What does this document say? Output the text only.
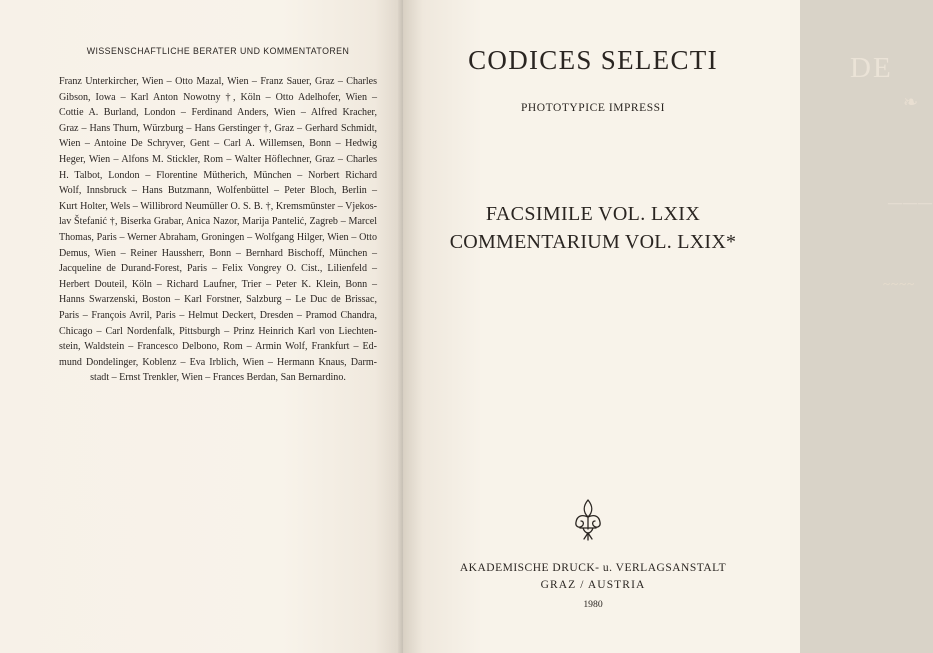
WISSENSCHAFTLICHE BERATER UND KOMMENTATOREN
Franz Unterkircher, Wien – Otto Mazal, Wien – Franz Sauer, Graz – Charles
Gibson, Iowa – Karl Anton Nowotny †, Köln – Otto Adelhofer, Wien –
Cottie A. Burland, London – Ferdinand Anders, Wien – Alfred Kracher,
Graz – Hans Thurn, Würzburg – Hans Gerstinger †, Graz – Gerhard Schmidt,
Wien – Antoine De Schryver, Gent – Carl A. Willemsen, Bonn – Hedwig
Heger, Wien – Alfons M. Stickler, Rom – Walter Höflechner, Graz – Charles
H. Talbot, London – Florentine Mütherich, München – Norbert Richard
Wolf, Innsbruck – Hans Butzmann, Wolfenbüttel – Peter Bloch, Berlin –
Kurt Holter, Wels – Willibrord Neumüller O. S. B. †, Kremsmünster – Vjekos-
lav Štefanić †, Biserka Grabar, Anica Nazor, Marija Pantelić, Zagreb – Marcel
Thomas, Paris – Werner Abraham, Groningen – Wolfgang Hilger, Wien – Otto
Demus, Wien – Reiner Haussherr, Bonn – Bernhard Bischoff, München –
Jacqueline de Durand-Forest, Paris – Felix Vongrey O. Cist., Lilienfeld –
Herbert Douteil, Köln – Richard Laufner, Trier – Peter K. Klein, Bonn –
Hanns Swarzenski, Boston – Karl Forstner, Salzburg – Le Duc de Brissac,
Paris – François Avril, Paris – Helmut Deckert, Dresden – Pramod Chandra,
Chicago – Carl Nordenfalk, Pittsburgh – Prinz Heinrich Karl von Liechten-
stein, Waldstein – Francesco Delbono, Rom – Armin Wolf, Frankfurt – Ed-
mund Dondelinger, Koblenz – Eva Irblich, Wien – Hermann Knaus, Darm-
stadt – Ernst Trenkler, Wien – Frances Berdan, San Bernardino.
DE
❧
———
~~~~
CODICES SELECTI

PHOTOTYPICE IMPRESSI

FACSIMILE VOL. LXIX

COMMENTARIUM VOL. LXIX*

AKADEMISCHE DRUCK- u. VERLAGSANSTALT

GRAZ / AUSTRIA

1980
